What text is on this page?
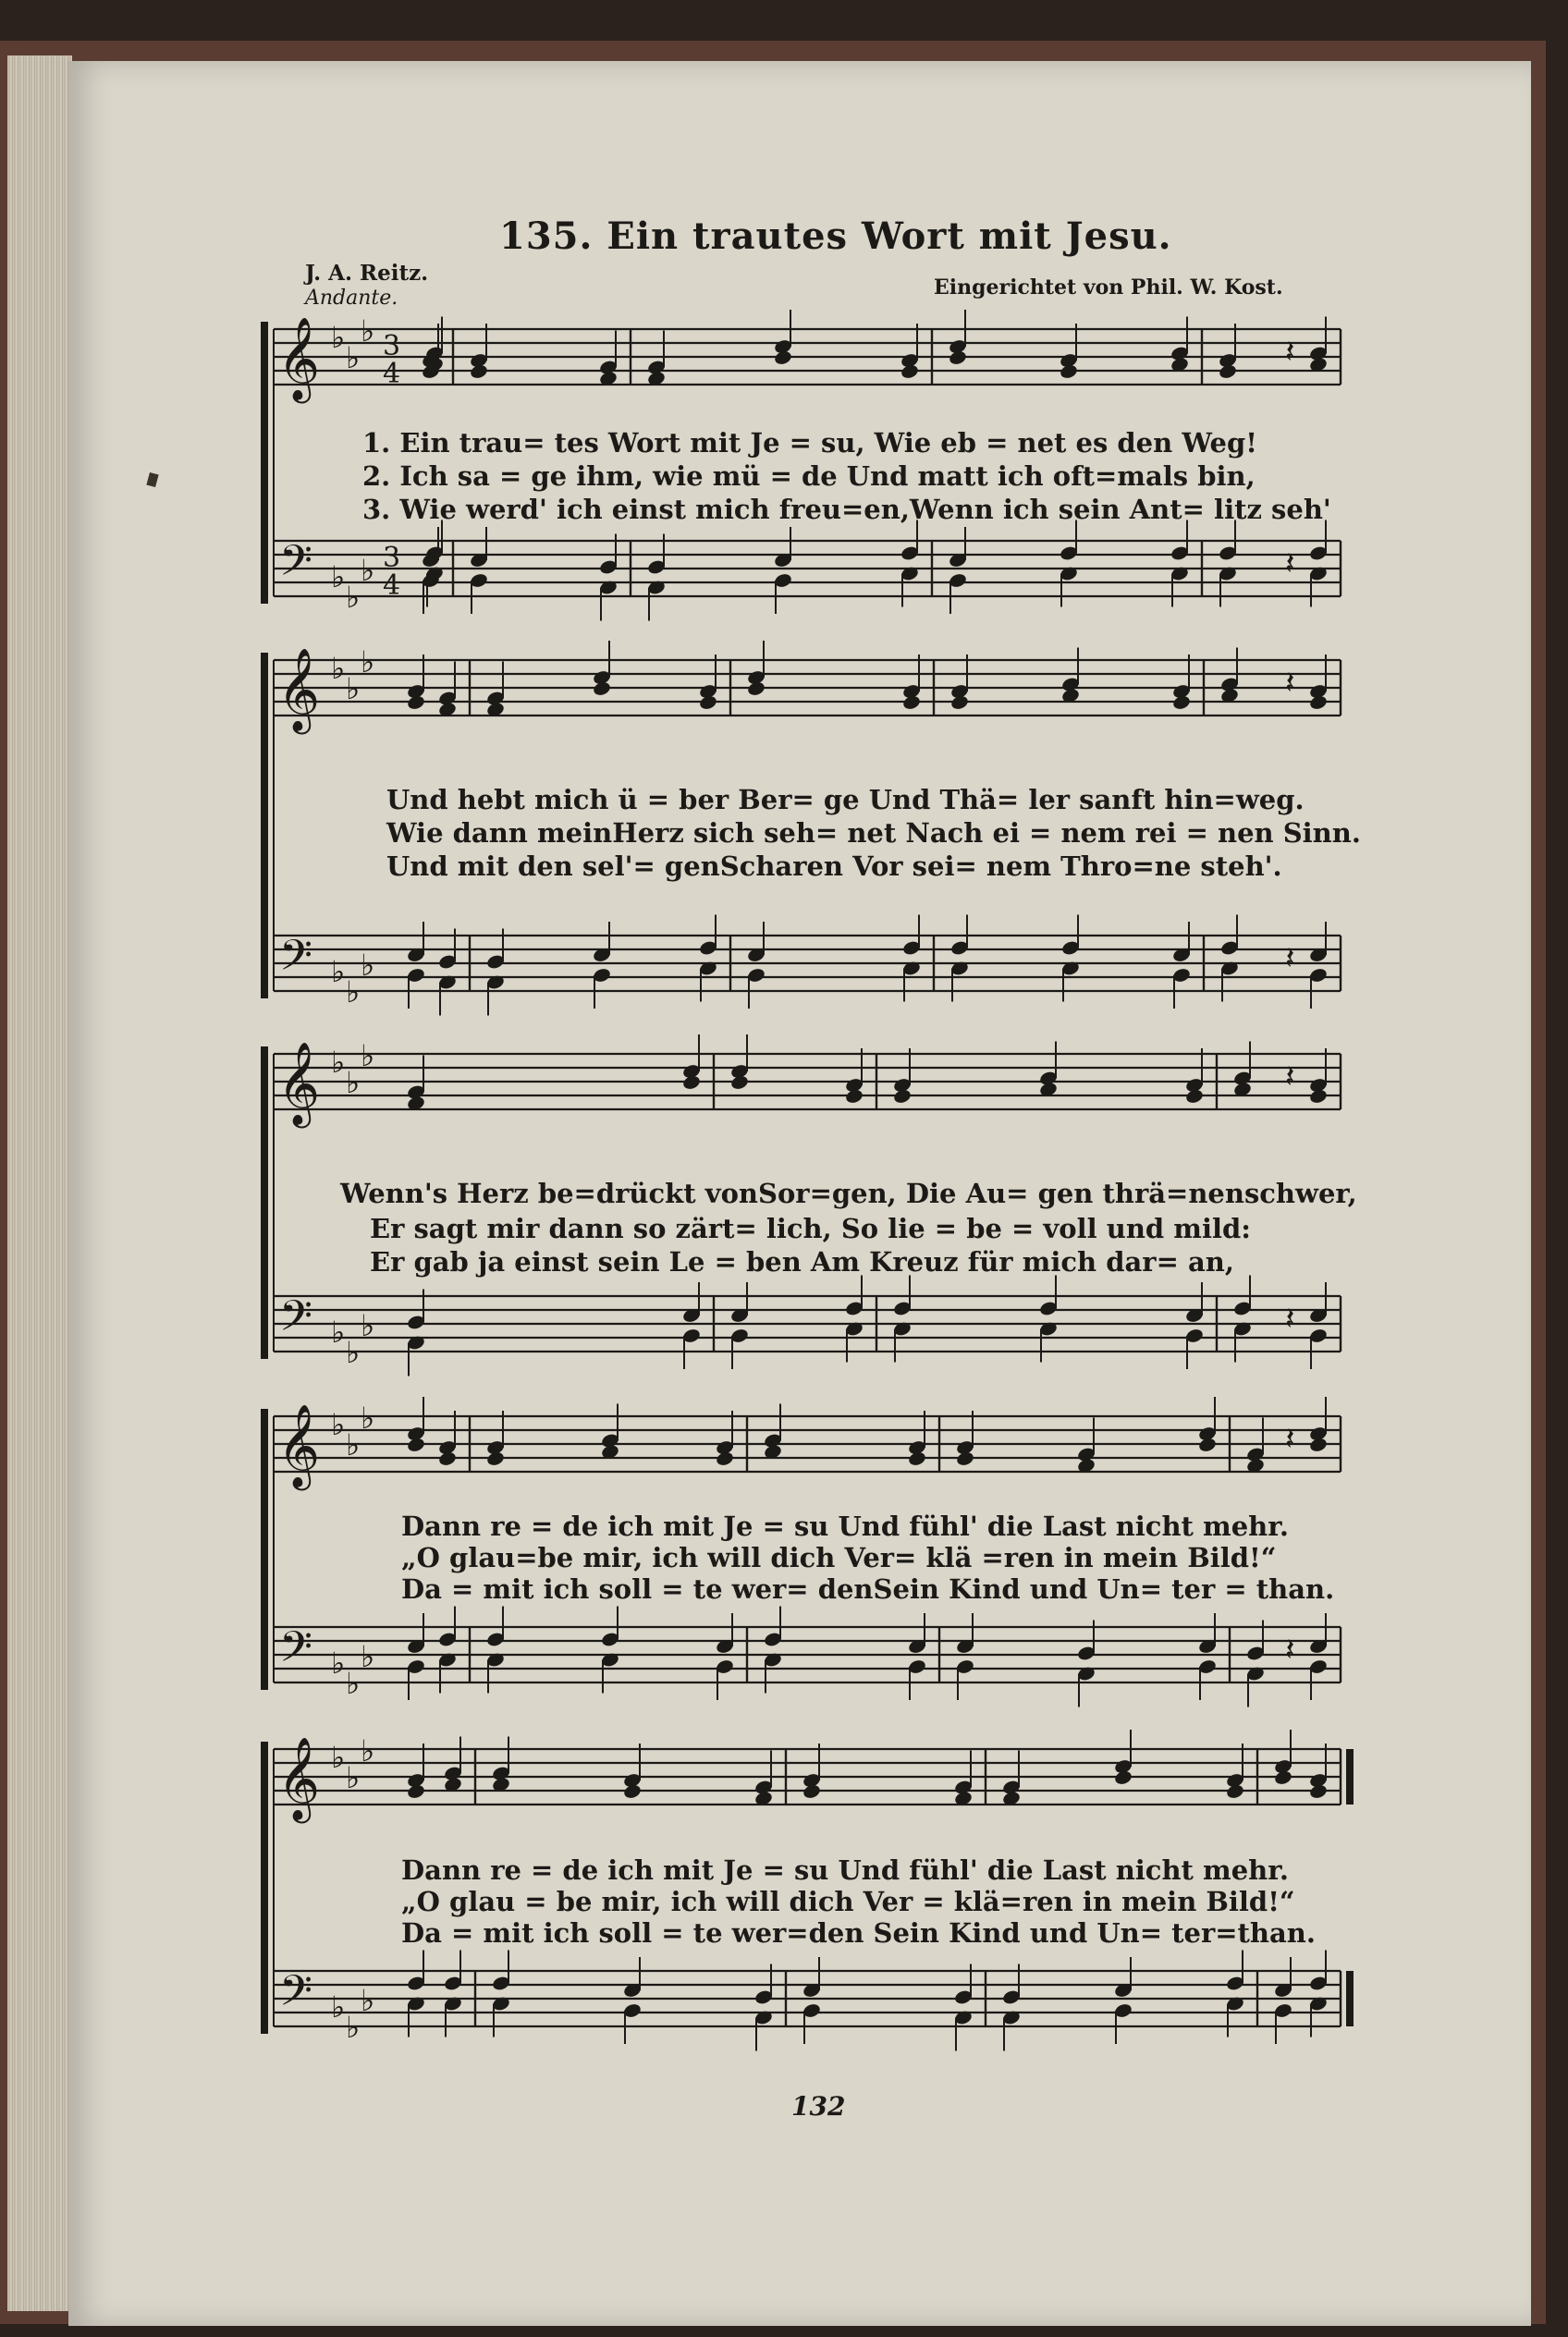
135. Ein trautes Wort mit Jesu.
J. A. Reitz.
Andante.	Eingerichtet von Phil. W. Kost.
𝄞 ♭
♭
♭ 3
4
𝄢 ♭
♭
♭ 3
4
𝄽
𝄽
𝄞 ♭
♭
♭
𝄢 ♭
♭
♭
𝄽
𝄽
𝄞 ♭
♭
♭
𝄢 ♭
♭
♭
𝄽
𝄽
𝄞 ♭
♭
♭
𝄢 ♭
♭
♭
𝄽
𝄽
𝄞 ♭
♭
♭
𝄢 ♭
♭
♭
1. Ein trau= tes Wort mit Je = su, Wie eb = net es den Weg!
2. Ich sa = ge ihm, wie mü = de Und matt ich oft=mals bin,
3. Wie werd' ich einst mich freu=en,Wenn ich sein Ant= litz seh'
Und hebt mich ü = ber Ber= ge Und Thä= ler sanft hin=weg.
Wie dann meinHerz sich seh= net Nach ei = nem rei = nen Sinn.
Und mit den sel'= genScharen Vor sei= nem Thro=ne steh'.
Wenn's Herz be=drückt vonSor=gen, Die Au= gen thrä=nenschwer,
Er sagt mir dann so zärt= lich, So lie = be = voll und mild:
Er gab ja einst sein Le = ben Am Kreuz für mich dar= an,
Dann re = de ich mit Je = su Und fühl' die Last nicht mehr.
„O glau=be mir, ich will dich Ver= klä =ren in mein Bild!“
Da = mit ich soll = te wer= denSein Kind und Un= ter = than.
Dann re = de ich mit Je = su Und fühl' die Last nicht mehr.
„O glau = be mir, ich will dich Ver = klä=ren in mein Bild!“
Da = mit ich soll = te wer=den Sein Kind und Un= ter=than.
132
